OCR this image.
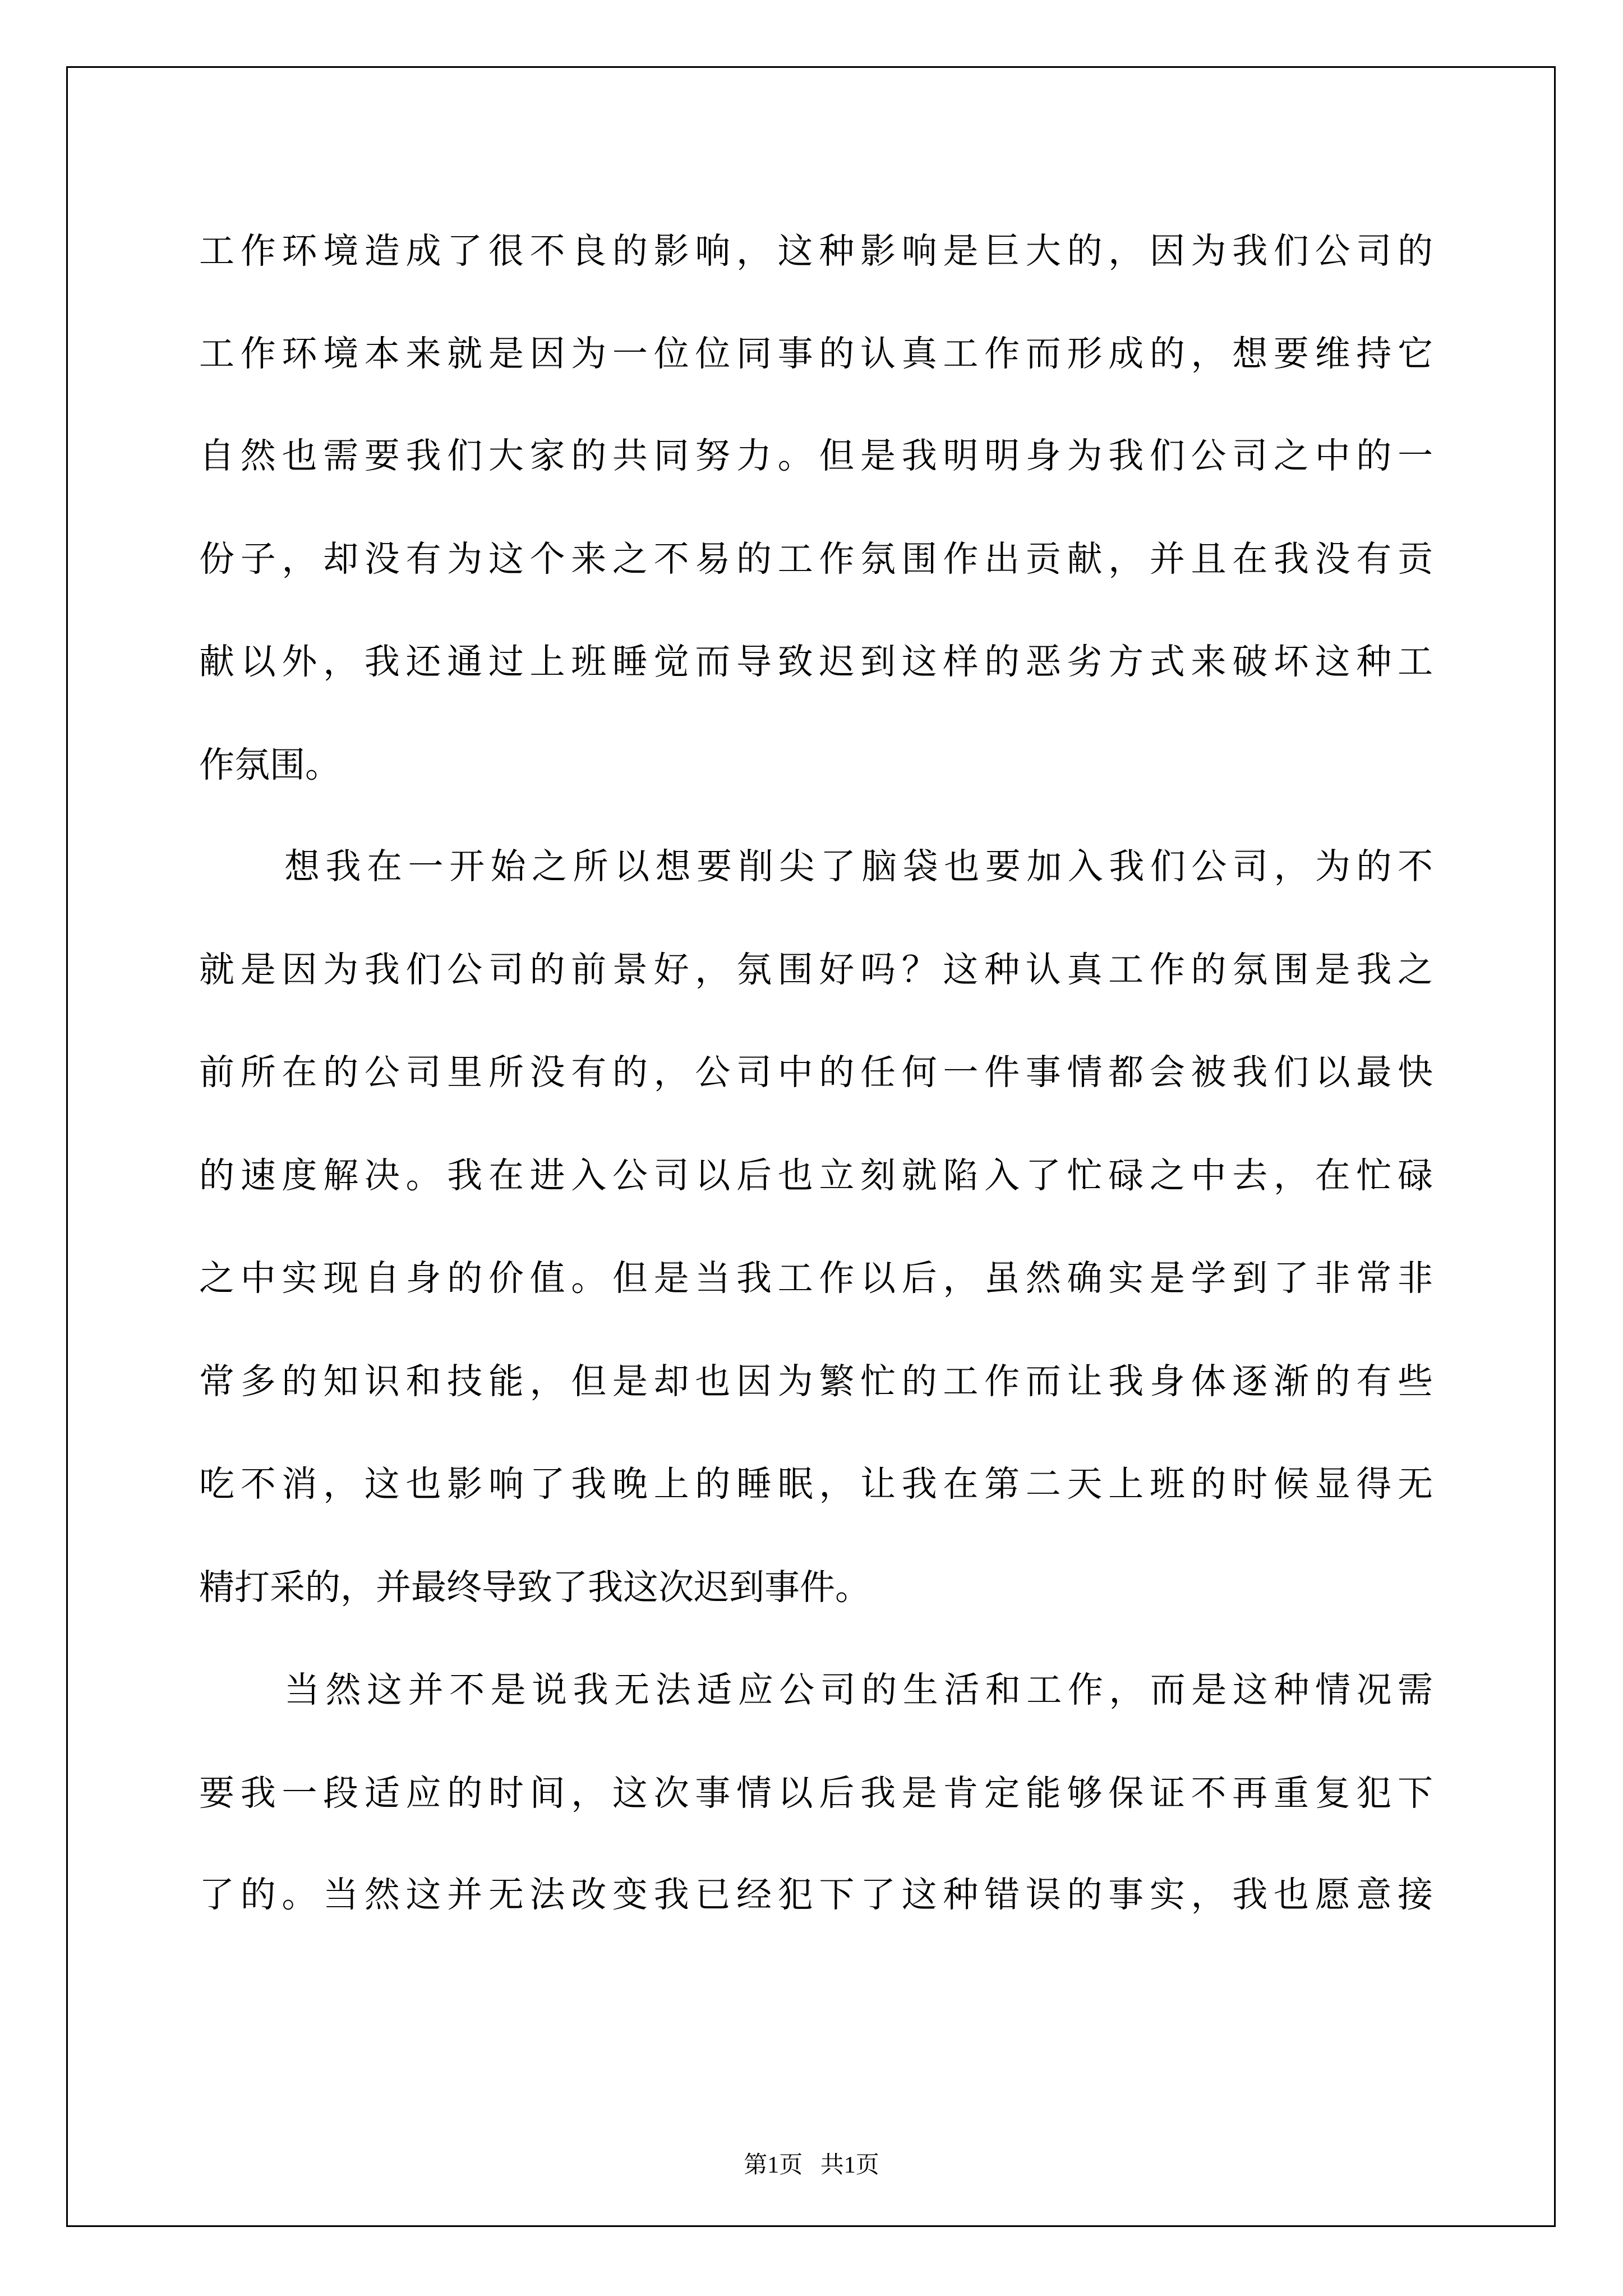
工作环境造成了很不良的影响，这种影响是巨大的，因为我们公司的
工作环境本来就是因为一位位同事的认真工作而形成的，想要维持它
自然也需要我们大家的共同努力。但是我明明身为我们公司之中的一
份子，却没有为这个来之不易的工作氛围作出贡献，并且在我没有贡
献以外，我还通过上班睡觉而导致迟到这样的恶劣方式来破坏这种工
作氛围。
想我在一开始之所以想要削尖了脑袋也要加入我们公司，为的不
就是因为我们公司的前景好，氛围好吗？这种认真工作的氛围是我之
前所在的公司里所没有的，公司中的任何一件事情都会被我们以最快
的速度解决。我在进入公司以后也立刻就陷入了忙碌之中去，在忙碌
之中实现自身的价值。但是当我工作以后，虽然确实是学到了非常非
常多的知识和技能，但是却也因为繁忙的工作而让我身体逐渐的有些
吃不消，这也影响了我晚上的睡眠，让我在第二天上班的时候显得无
精打采的，并最终导致了我这次迟到事件。
当然这并不是说我无法适应公司的生活和工作，而是这种情况需
要我一段适应的时间，这次事情以后我是肯定能够保证不再重复犯下
了的。当然这并无法改变我已经犯下了这种错误的事实，我也愿意接
第1页   共1页
